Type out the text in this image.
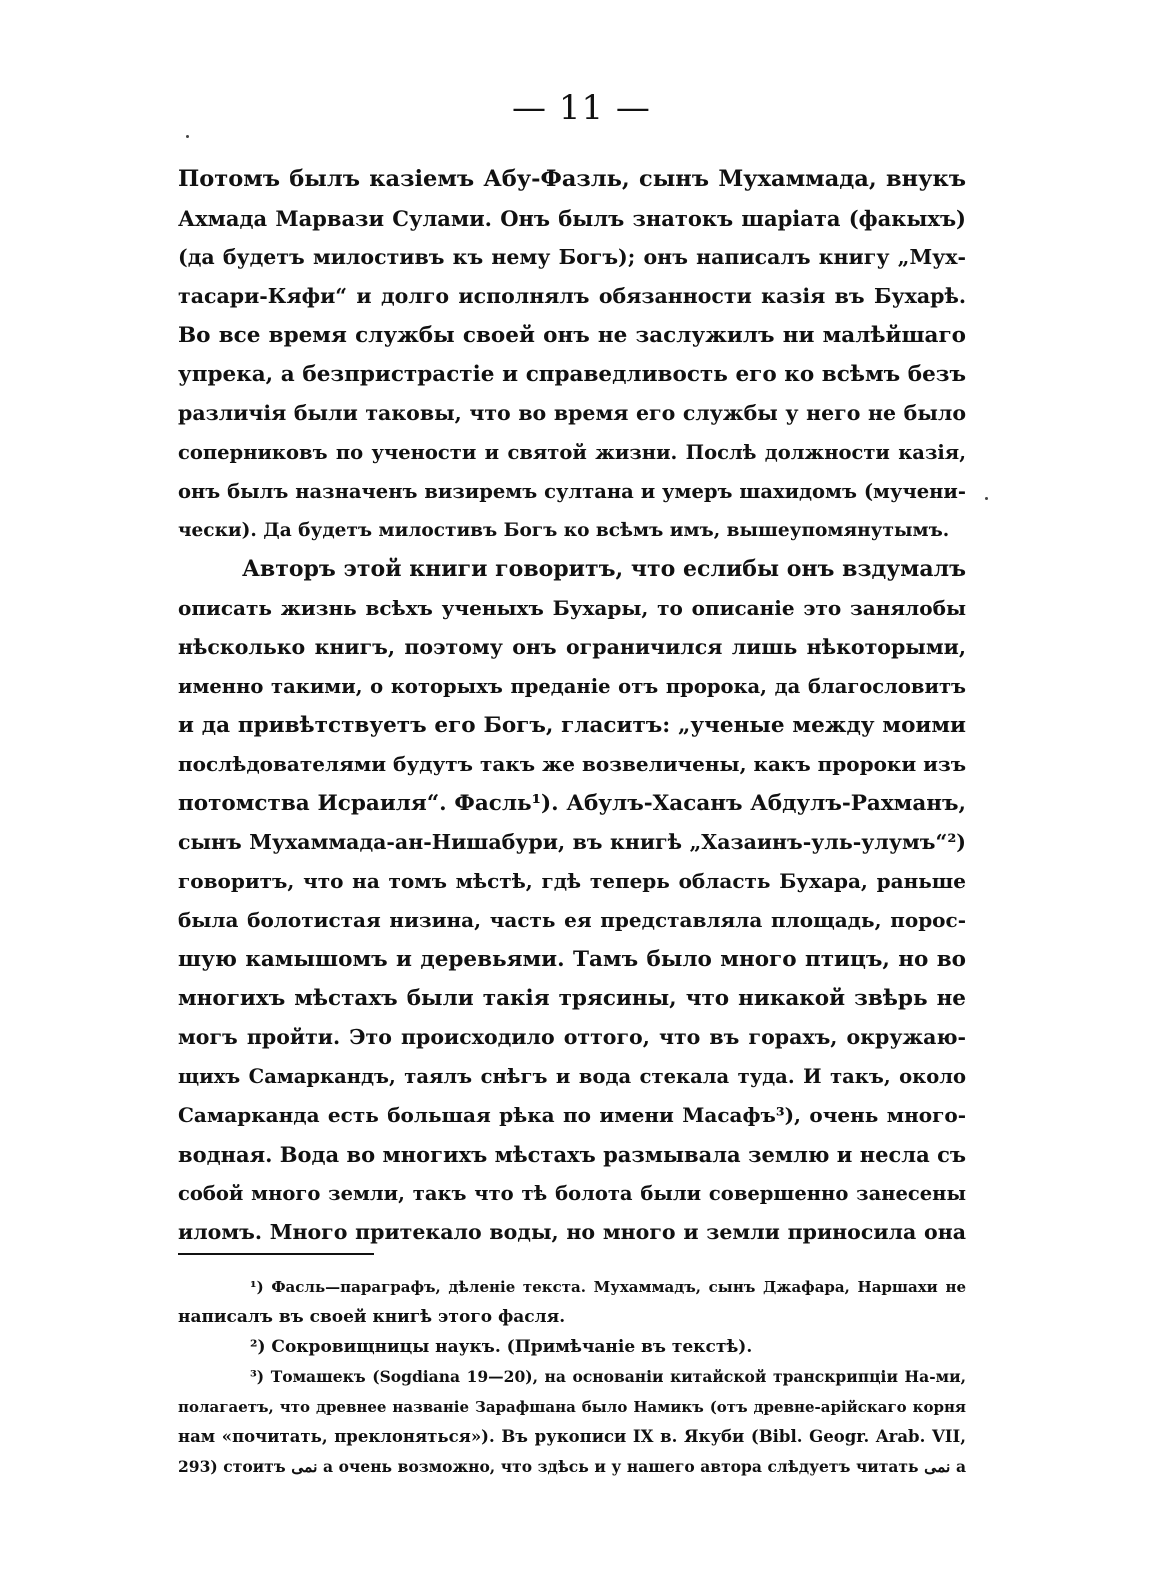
— 11 —
Потомъ былъ казіемъ Абу-Фазль, сынъ Мухаммада, внукъ
Ахмада Марвази Сулами. Онъ былъ знатокъ шаріата (факыхъ)
(да будетъ милостивъ къ нему Богъ); онъ написалъ книгу „Мух-
тасари-Кяфи“ и долго исполнялъ обязанности казія въ Бухарѣ.
Во все время службы своей онъ не заслужилъ ни малѣйшаго
упрека, а безпристрастіе и справедливость его ко всѣмъ безъ
различія были таковы, что во время его службы у него не было
соперниковъ по учености и святой жизни. Послѣ должности казія,
онъ былъ назначенъ визиремъ султана и умеръ шахидомъ (мучени-
чески). Да будетъ милостивъ Богъ ко всѣмъ имъ, вышеупомянутымъ.
Авторъ этой книги говоритъ, что еслибы онъ вздумалъ
описать жизнь всѣхъ ученыхъ Бухары, то описаніе это занялобы
нѣсколько книгъ, поэтому онъ ограничился лишь нѣкоторыми,
именно такими, о которыхъ преданіе отъ пророка, да благословитъ
и да привѣтствуетъ его Богъ, гласитъ: „ученые между моими
послѣдователями будутъ такъ же возвеличены, какъ пророки изъ
потомства Исраиля“. Фасль¹). Абулъ-Хасанъ Абдулъ-Рахманъ,
сынъ Мухаммада-ан-Нишабури, въ книгѣ „Хазаинъ-уль-улумъ“²)
говоритъ, что на томъ мѣстѣ, гдѣ теперь область Бухара, раньше
была болотистая низина, часть ея представляла площадь, порос-
шую камышомъ и деревьями. Тамъ было много птицъ, но во
многихъ мѣстахъ были такія трясины, что никакой звѣрь не
могъ пройти. Это происходило оттого, что въ горахъ, окружаю-
щихъ Самаркандъ, таялъ снѣгъ и вода стекала туда. И такъ, около
Самарканда есть большая рѣка по имени Масафъ³), очень много-
водная. Вода во многихъ мѣстахъ размывала землю и несла съ
собой много земли, такъ что тѣ болота были совершенно занесены
иломъ. Много притекало воды, но много и земли приносила она
¹) Фасль—параграфъ, дѣленіе текста. Мухаммадъ, сынъ Джафара, Наршахи не
написалъ въ своей книгѣ этого фасля.
²) Сокровищницы наукъ. (Примѣчаніе въ текстѣ).
³) Томашекъ (Sogdiana 19—20), на основаніи китайской транскрипціи На-ми,
полагаетъ, что древнее названіе Зарафшана было Намикъ (отъ древне-арійскаго корня
нам «почитать, преклоняться»). Въ рукописи IX в. Якуби (Bibl. Geogr. Arab. VII,
293) стоитъ نمى а очень возможно, что здѣсь и у нашего автора слѣдуетъ читать نمى а
